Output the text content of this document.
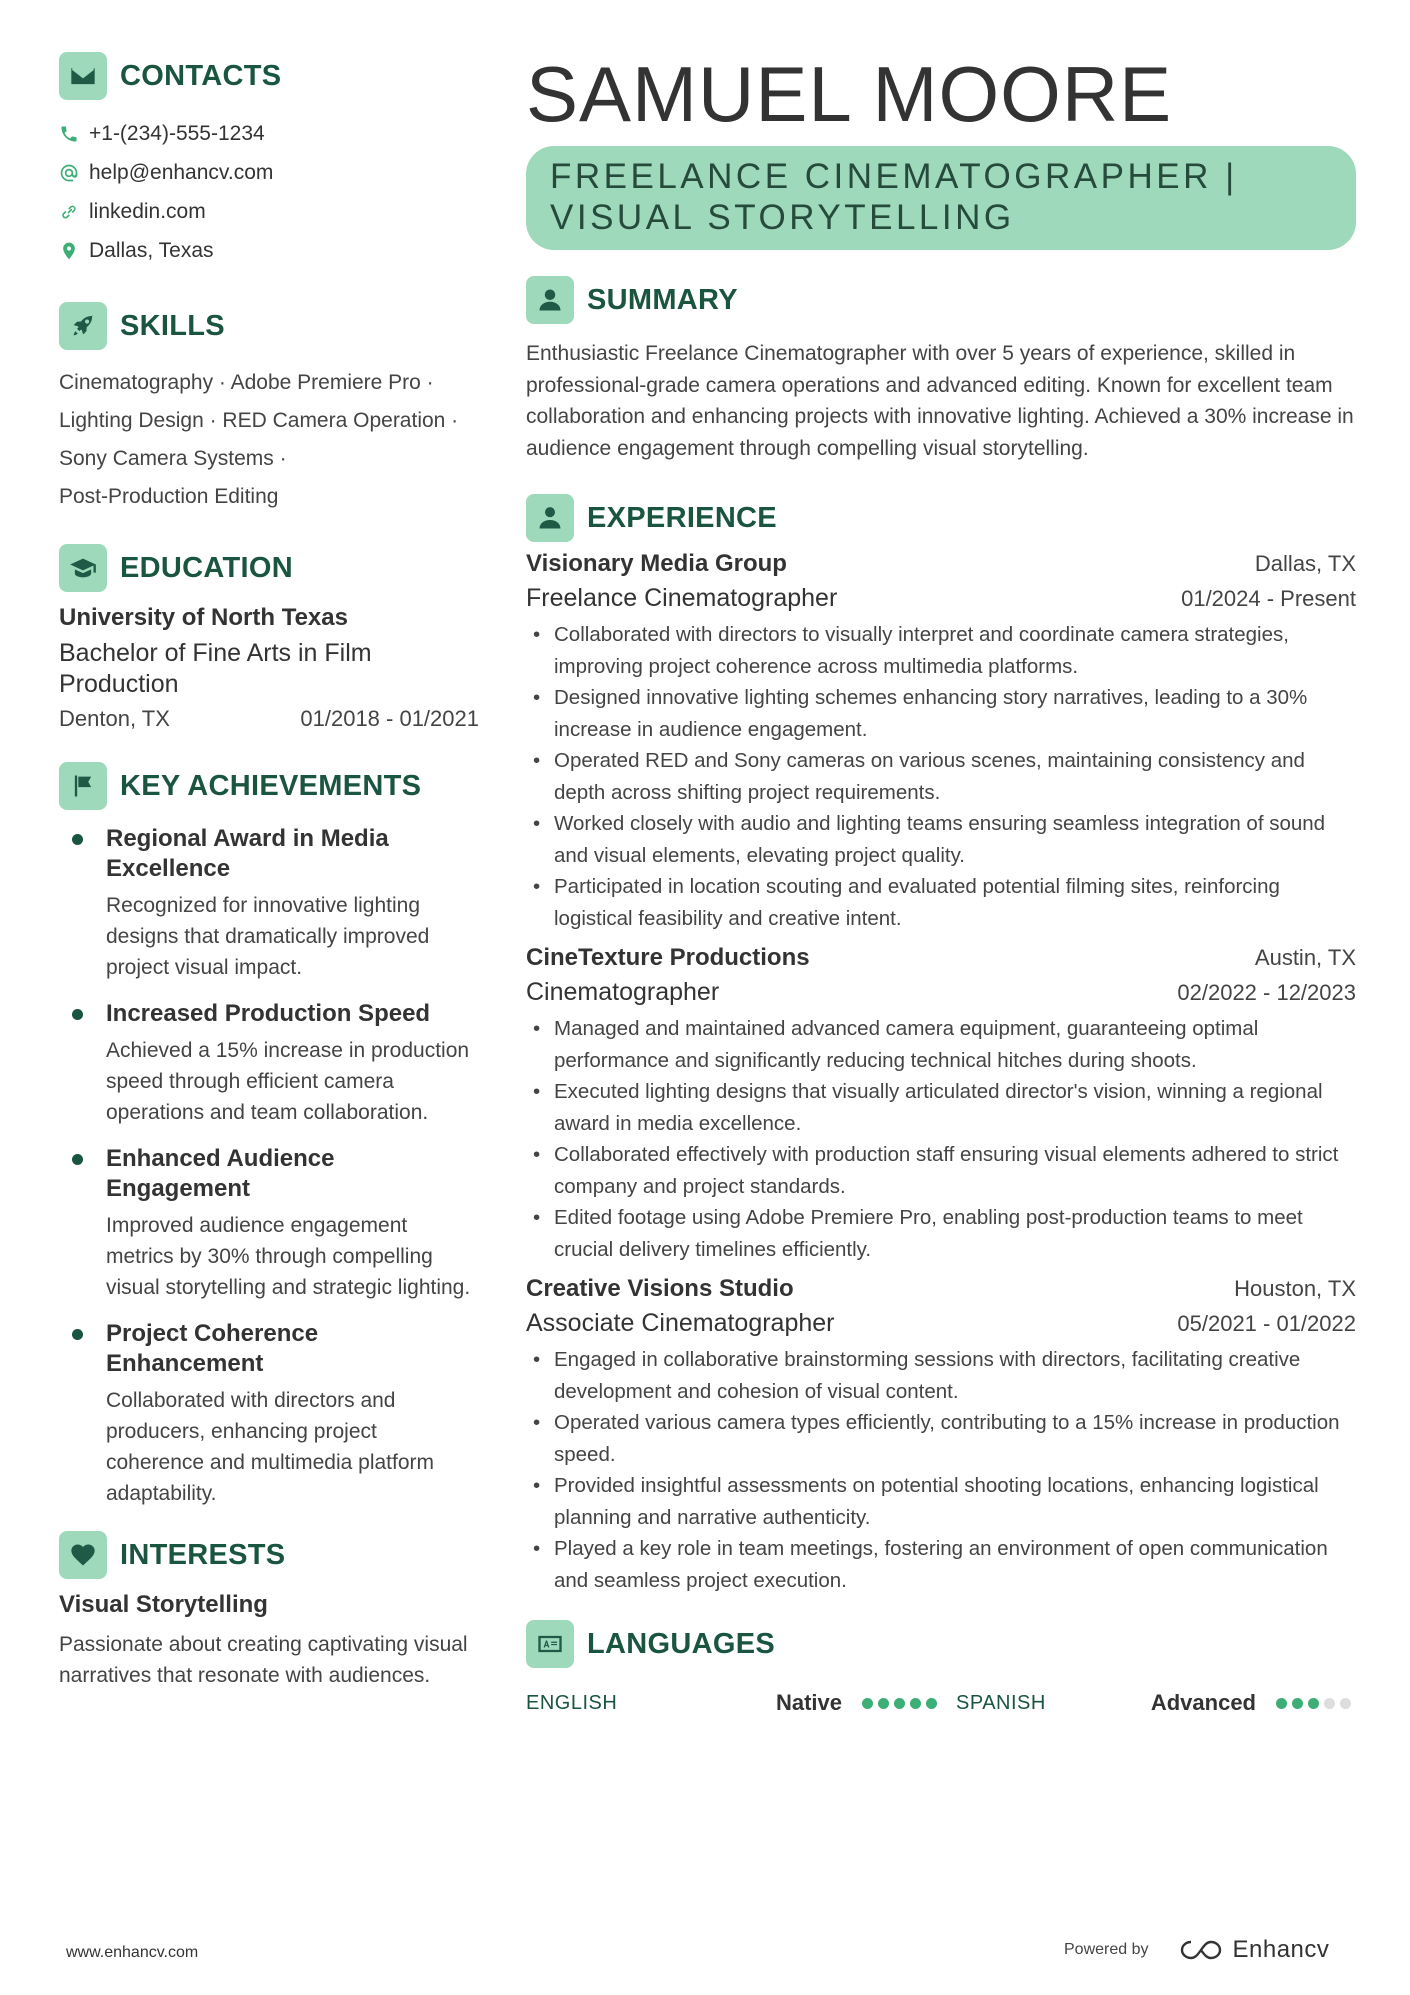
CONTACTS
+1-(234)-555-1234
help@enhancv.com
linkedin.com
Dallas, Texas
SKILLS
Cinematography · Adobe Premiere Pro ·
Lighting Design · RED Camera Operation ·
Sony Camera Systems ·
Post-Production Editing
EDUCATION
University of North Texas
Bachelor of Fine Arts in Film Production
Denton, TX	01/2018 - 01/2021
KEY ACHIEVEMENTS
Regional Award in Media Excellence
Recognized for innovative lighting designs that dramatically improved project visual impact.
Increased Production Speed
Achieved a 15% increase in production speed through efficient camera operations and team collaboration.
Enhanced Audience Engagement
Improved audience engagement metrics by 30% through compelling visual storytelling and strategic lighting.
Project Coherence Enhancement
Collaborated with directors and producers, enhancing project coherence and multimedia platform adaptability.
INTERESTS
Visual Storytelling
Passionate about creating captivating visual narratives that resonate with audiences.
SAMUEL MOORE
FREELANCE CINEMATOGRAPHER |
VISUAL STORYTELLING
SUMMARY
Enthusiastic Freelance Cinematographer with over 5 years of experience, skilled in professional-grade camera operations and advanced editing. Known for excellent team collaboration and enhancing projects with innovative lighting. Achieved a 30% increase in audience engagement through compelling visual storytelling.
EXPERIENCE
Visionary Media Group	Dallas, TX
Freelance Cinematographer	01/2024 - Present
• Collaborated with directors to visually interpret and coordinate camera strategies, improving project coherence across multimedia platforms.
• Designed innovative lighting schemes enhancing story narratives, leading to a 30% increase in audience engagement.
• Operated RED and Sony cameras on various scenes, maintaining consistency and depth across shifting project requirements.
• Worked closely with audio and lighting teams ensuring seamless integration of sound and visual elements, elevating project quality.
• Participated in location scouting and evaluated potential filming sites, reinforcing logistical feasibility and creative intent.
CineTexture Productions	Austin, TX
Cinematographer	02/2022 - 12/2023
• Managed and maintained advanced camera equipment, guaranteeing optimal performance and significantly reducing technical hitches during shoots.
• Executed lighting designs that visually articulated director's vision, winning a regional award in media excellence.
• Collaborated effectively with production staff ensuring visual elements adhered to strict company and project standards.
• Edited footage using Adobe Premiere Pro, enabling post-production teams to meet crucial delivery timelines efficiently.
Creative Visions Studio	Houston, TX
Associate Cinematographer	05/2021 - 01/2022
• Engaged in collaborative brainstorming sessions with directors, facilitating creative development and cohesion of visual content.
• Operated various camera types efficiently, contributing to a 15% increase in production speed.
• Provided insightful assessments on potential shooting locations, enhancing logistical planning and narrative authenticity.
• Played a key role in team meetings, fostering an environment of open communication and seamless project execution.
LANGUAGES
ENGLISH	Native	SPANISH	Advanced
www.enhancv.com	Powered by	Enhancv
